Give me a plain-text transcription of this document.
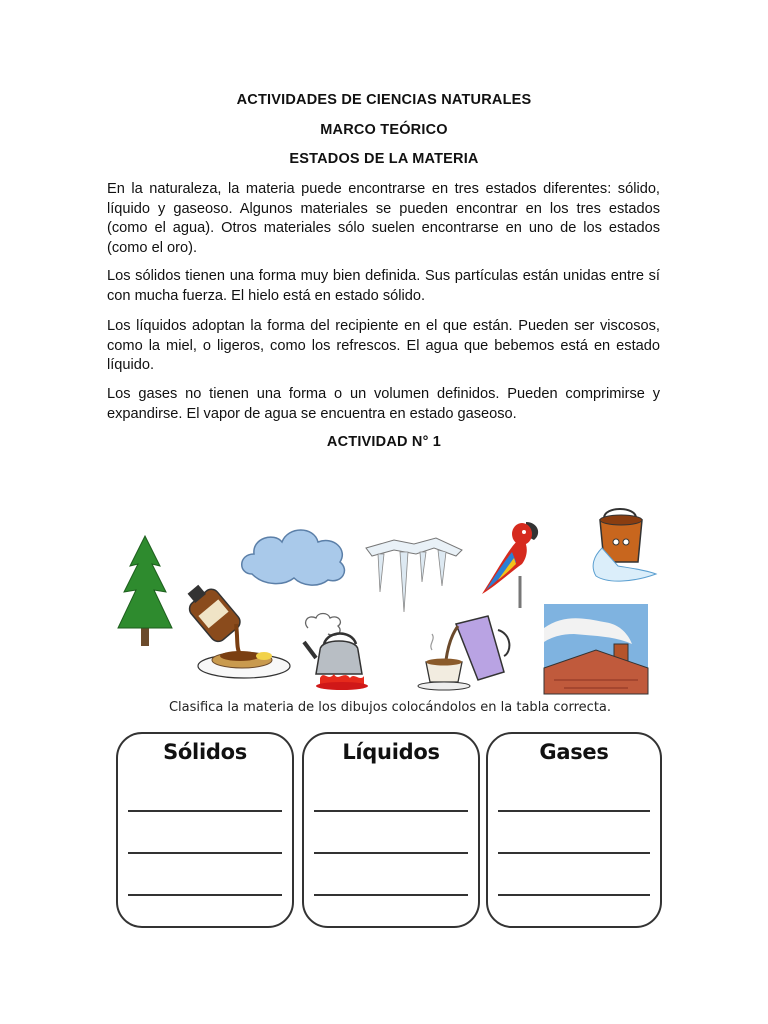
ACTIVIDADES DE CIENCIAS NATURALES
MARCO TEÓRICO
ESTADOS DE LA MATERIA

En la naturaleza, la materia puede encontrarse en tres estados diferentes: sólido, líquido y gaseoso. Algunos materiales se pueden encontrar en los tres estados (como el agua). Otros materiales sólo suelen encontrarse en uno de los estados (como el oro).

Los sólidos tienen una forma muy bien definida. Sus partículas están unidas entre sí con mucha fuerza. El hielo está en estado sólido.

Los líquidos adoptan la forma del recipiente en el que están. Pueden ser viscosos, como la miel, o ligeros, como los refrescos. El agua que bebemos está en estado líquido.

Los gases no tienen una forma o un volumen definidos. Pueden comprimirse y expandirse. El vapor de agua se encuentra en estado gaseoso.

ACTIVIDAD N° 1
Clasifica la materia de los dibujos colocándolos en la tabla correcta.
Sólidos	Líquidos	Gases
